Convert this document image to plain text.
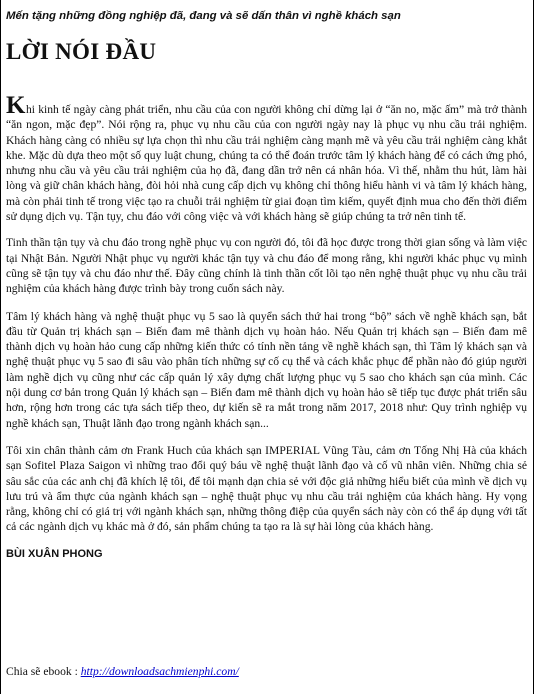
Mến tặng những đồng nghiệp đã, đang và sẽ dấn thân vì nghề khách sạn
LỜI NÓI ĐẦU

Khi kinh tế ngày càng phát triển, nhu cầu của con người không chỉ dừng lại ở “ăn no, mặc ấm” mà trở thành “ăn ngon, mặc đẹp”. Nói rộng ra, phục vụ nhu cầu của con người ngày nay là phục vụ nhu cầu trải nghiệm. Khách hàng càng có nhiều sự lựa chọn thì nhu cầu trải nghiệm càng mạnh mẽ và yêu cầu trải nghiệm càng khắt khe. Mặc dù dựa theo một số quy luật chung, chúng ta có thể đoán trước tâm lý khách hàng để có cách ứng phó, nhưng nhu cầu và yêu cầu trải nghiệm của họ đã, đang dần trở nên cá nhân hóa. Vì thế, nhằm thu hút, làm hài lòng và giữ chân khách hàng, đòi hỏi nhà cung cấp dịch vụ không chỉ thông hiểu hành vi và tâm lý khách hàng, mà còn phải tinh tế trong việc tạo ra chuỗi trải nghiệm từ giai đoạn tìm kiếm, quyết định mua cho đến thời điểm sử dụng dịch vụ. Tận tụy, chu đáo với công việc và với khách hàng sẽ giúp chúng ta trở nên tinh tế.

Tinh thần tận tụy và chu đáo trong nghề phục vụ con người đó, tôi đã học được trong thời gian sống và làm việc tại Nhật Bản. Người Nhật phục vụ người khác tận tụy và chu đáo để mong rằng, khi người khác phục vụ mình cũng sẽ tận tụy và chu đáo như thế. Đây cũng chính là tinh thần cốt lõi tạo nên nghệ thuật phục vụ nhu cầu trải nghiệm của khách hàng được trình bày trong cuốn sách này.

Tâm lý khách hàng và nghệ thuật phục vụ 5 sao là quyển sách thứ hai trong “bộ” sách về nghề khách sạn, bắt đầu từ Quản trị khách sạn – Biến đam mê thành dịch vụ hoàn hảo. Nếu Quản trị khách sạn – Biến đam mê thành dịch vụ hoàn hảo cung cấp những kiến thức có tính nền tảng về nghề khách sạn, thì Tâm lý khách sạn và nghệ thuật phục vụ 5 sao đi sâu vào phân tích những sự cố cụ thể và cách khắc phục để phần nào đó giúp người làm nghề dịch vụ cũng như các cấp quản lý xây dựng chất lượng phục vụ 5 sao cho khách sạn của mình. Các nội dung cơ bản trong Quản lý khách sạn – Biến đam mê thành dịch vụ hoàn hảo sẽ tiếp tục được phát triển sâu hơn, rộng hơn trong các tựa sách tiếp theo, dự kiến sẽ ra mắt trong năm 2017, 2018 như: Quy trình nghiệp vụ nghề khách sạn, Thuật lãnh đạo trong ngành khách sạn...

Tôi xin chân thành cảm ơn Frank Huch của khách sạn IMPERIAL Vũng Tàu, cảm ơn Tống Nhị Hà của khách sạn Sofitel Plaza Saigon vì những trao đổi quý báu về nghệ thuật lãnh đạo và cố vũ nhân viên. Những chia sẻ sâu sắc của các anh chị đã khích lệ tôi, để tôi mạnh dạn chia sẻ với độc giả những hiểu biết của mình về dịch vụ lưu trú và ẩm thực của ngành khách sạn – nghệ thuật phục vụ nhu cầu trải nghiệm của khách hàng. Hy vọng rằng, không chỉ có giá trị với ngành khách sạn, những thông điệp của quyển sách này còn có thể áp dụng với tất cả các ngành dịch vụ khác mà ở đó, sản phẩm chúng ta tạo ra là sự hài lòng của khách hàng.

BÙI XUÂN PHONG

Chia sẽ ebook : http://downloadsachmienphi.com/
